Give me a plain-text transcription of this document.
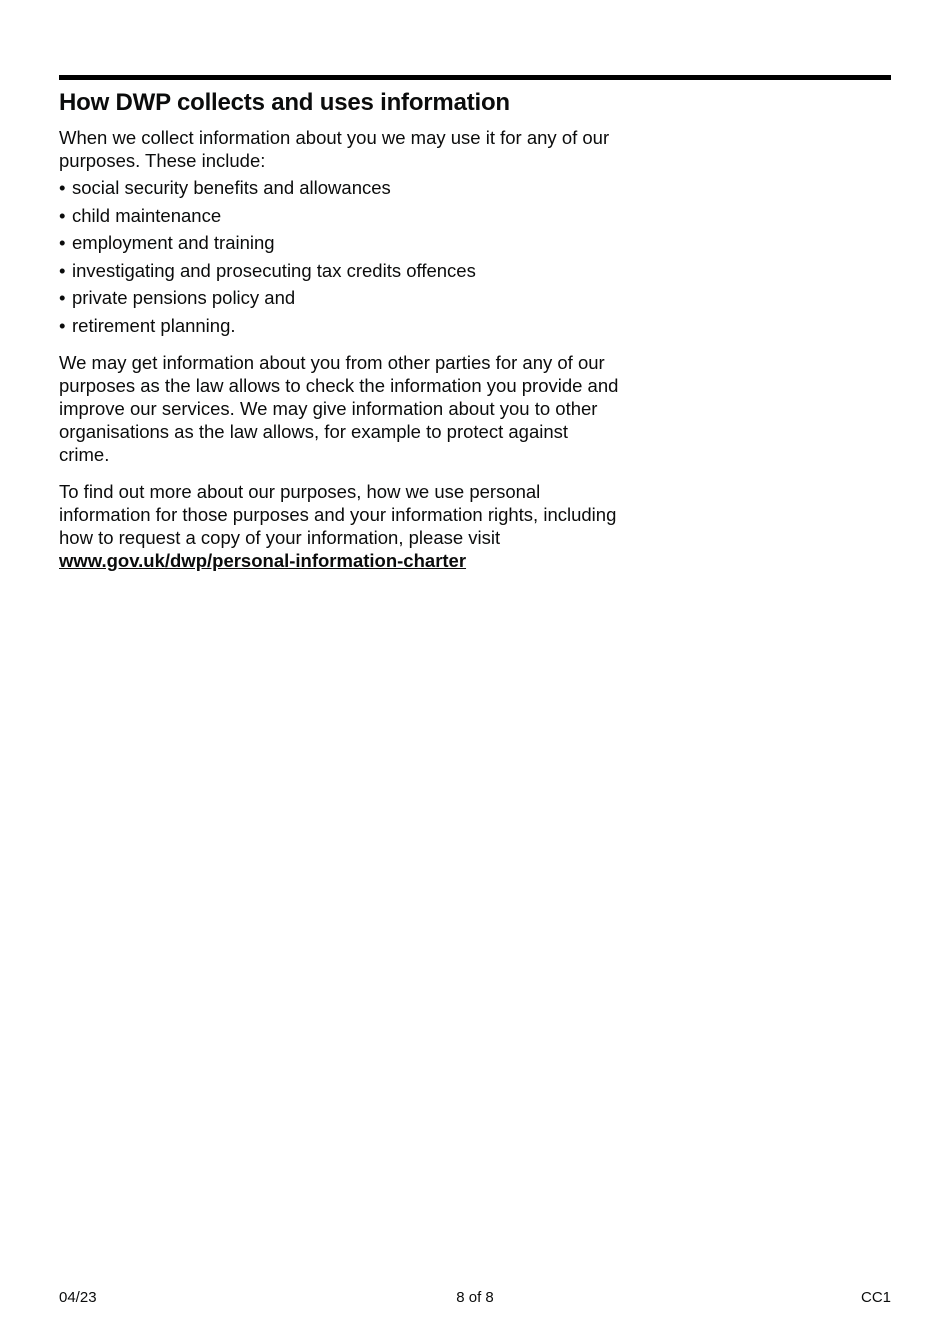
How DWP collects and uses information

When we collect information about you we may use it for any of our purposes. These include:

• social security benefits and allowances
• child maintenance
• employment and training
• investigating and prosecuting tax credits offences
• private pensions policy and
• retirement planning.

We may get information about you from other parties for any of our purposes as the law allows to check the information you provide and improve our services. We may give information about you to other organisations as the law allows, for example to protect against crime.

To find out more about our purposes, how we use personal information for those purposes and your information rights, including how to request a copy of your information, please visit www.gov.uk/dwp/personal-information-charter

04/23	8 of 8	CC1
